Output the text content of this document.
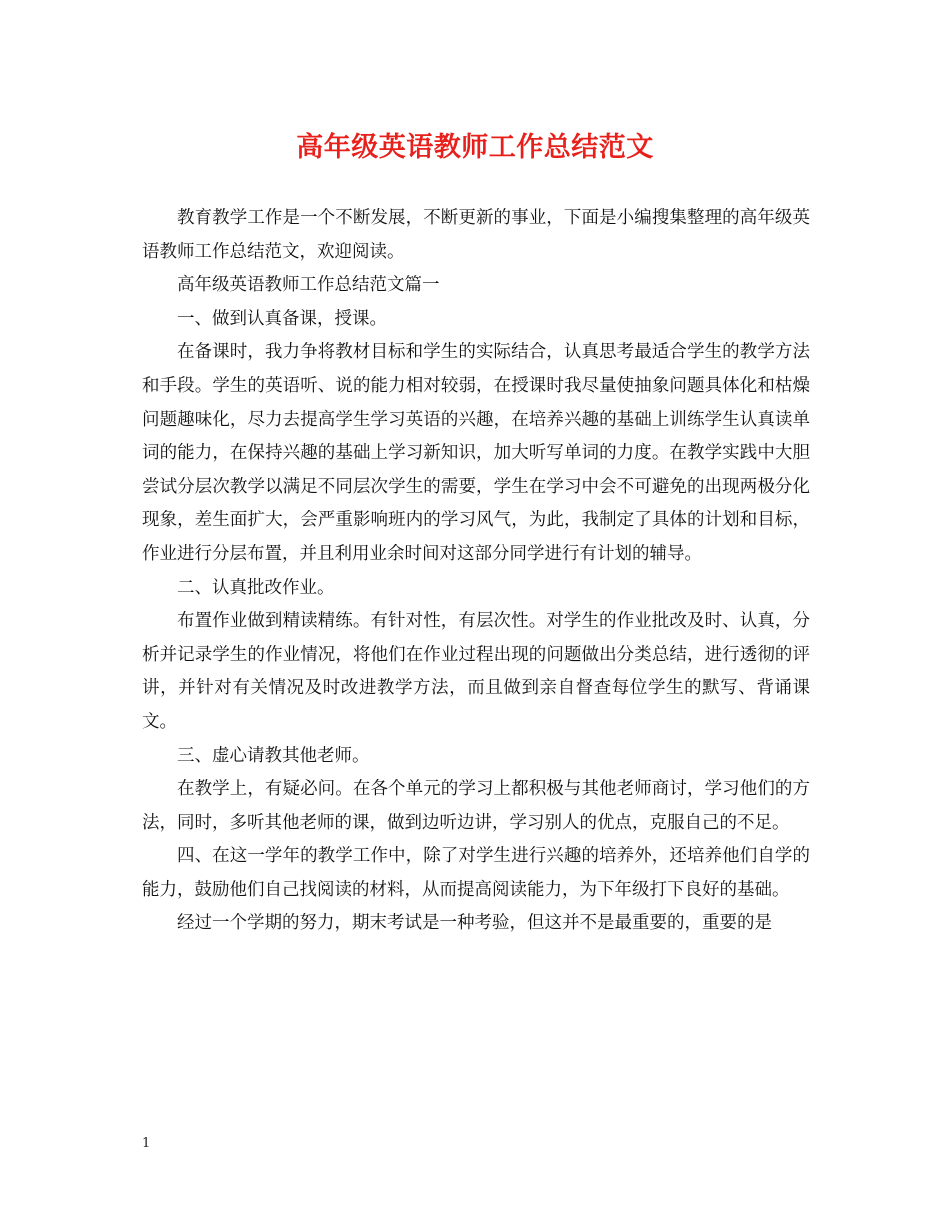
高年级英语教师工作总结范文

教育教学工作是一个不断发展，不断更新的事业，下面是小编搜集整理的高年级英语教师工作总结范文，欢迎阅读。

高年级英语教师工作总结范文篇一

一、做到认真备课，授课。

在备课时，我力争将教材目标和学生的实际结合，认真思考最适合学生的教学方法和手段。学生的英语听、说的能力相对较弱，在授课时我尽量使抽象问题具体化和枯燥问题趣味化，尽力去提高学生学习英语的兴趣，在培养兴趣的基础上训练学生认真读单词的能力，在保持兴趣的基础上学习新知识，加大听写单词的力度。在教学实践中大胆尝试分层次教学以满足不同层次学生的需要，学生在学习中会不可避免的出现两极分化现象，差生面扩大，会严重影响班内的学习风气，为此，我制定了具体的计划和目标，作业进行分层布置，并且利用业余时间对这部分同学进行有计划的辅导。

二、认真批改作业。

布置作业做到精读精练。有针对性，有层次性。对学生的作业批改及时、认真，分析并记录学生的作业情况，将他们在作业过程出现的问题做出分类总结，进行透彻的评讲，并针对有关情况及时改进教学方法，而且做到亲自督查每位学生的默写、背诵课文。

三、虚心请教其他老师。

在教学上，有疑必问。在各个单元的学习上都积极与其他老师商讨，学习他们的方法，同时，多听其他老师的课，做到边听边讲，学习别人的优点，克服自己的不足。

四、在这一学年的教学工作中，除了对学生进行兴趣的培养外，还培养他们自学的能力，鼓励他们自己找阅读的材料，从而提高阅读能力，为下年级打下良好的基础。

经过一个学期的努力，期末考试是一种考验，但这并不是最重要的，重要的是

1
